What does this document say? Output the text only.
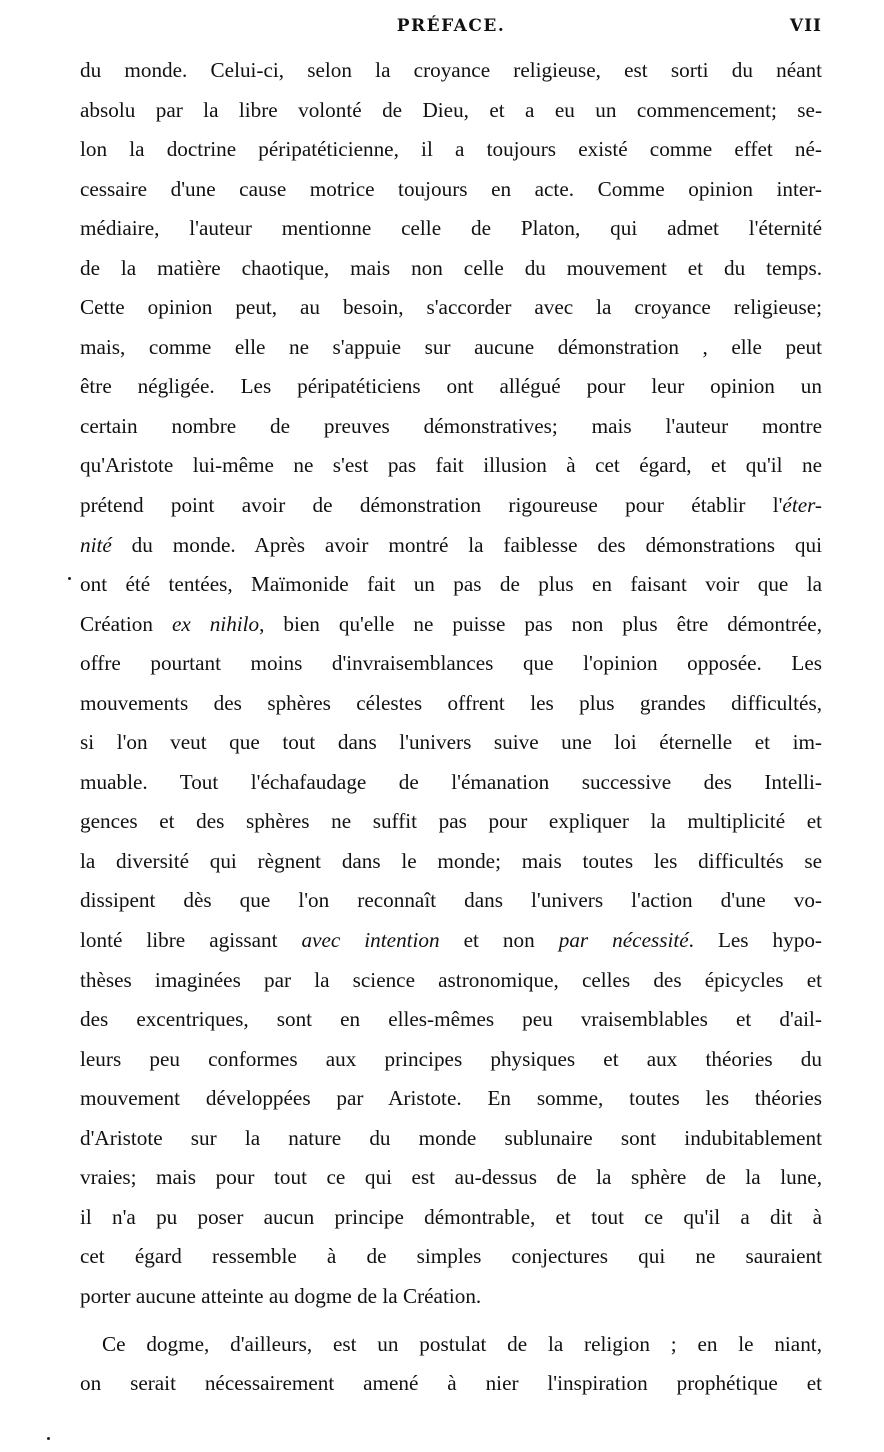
PRÉFACE.	VII
du monde. Celui-ci, selon la croyance religieuse, est sorti du néant
absolu par la libre volonté de Dieu, et a eu un commencement; se-
lon la doctrine péripatéticienne, il a toujours existé comme effet né-
cessaire d'une cause motrice toujours en acte. Comme opinion inter-
médiaire, l'auteur mentionne celle de Platon, qui admet l'éternité
de la matière chaotique, mais non celle du mouvement et du temps.
Cette opinion peut, au besoin, s'accorder avec la croyance religieuse;
mais, comme elle ne s'appuie sur aucune démonstration , elle peut
être négligée. Les péripatéticiens ont allégué pour leur opinion un
certain nombre de preuves démonstratives; mais l'auteur montre
qu'Aristote lui-même ne s'est pas fait illusion à cet égard, et qu'il ne
prétend point avoir de démonstration rigoureuse pour établir l'éter-
nité du monde. Après avoir montré la faiblesse des démonstrations qui
ont été tentées, Maïmonide fait un pas de plus en faisant voir que la
Création ex nihilo, bien qu'elle ne puisse pas non plus être démontrée,
offre pourtant moins d'invraisemblances que l'opinion opposée. Les
mouvements des sphères célestes offrent les plus grandes difficultés,
si l'on veut que tout dans l'univers suive une loi éternelle et im-
muable. Tout l'échafaudage de l'émanation successive des Intelli-
gences et des sphères ne suffit pas pour expliquer la multiplicité et
la diversité qui règnent dans le monde; mais toutes les difficultés se
dissipent dès que l'on reconnaît dans l'univers l'action d'une vo-
lonté libre agissant avec intention et non par nécessité. Les hypo-
thèses imaginées par la science astronomique, celles des épicycles et
des excentriques, sont en elles-mêmes peu vraisemblables et d'ail-
leurs peu conformes aux principes physiques et aux théories du
mouvement développées par Aristote. En somme, toutes les théories
d'Aristote sur la nature du monde sublunaire sont indubitablement
vraies; mais pour tout ce qui est au-dessus de la sphère de la lune,
il n'a pu poser aucun principe démontrable, et tout ce qu'il a dit à
cet égard ressemble à de simples conjectures qui ne sauraient
porter aucune atteinte au dogme de la Création.
Ce dogme, d'ailleurs, est un postulat de la religion ; en le niant,
on serait nécessairement amené à nier l'inspiration prophétique et
